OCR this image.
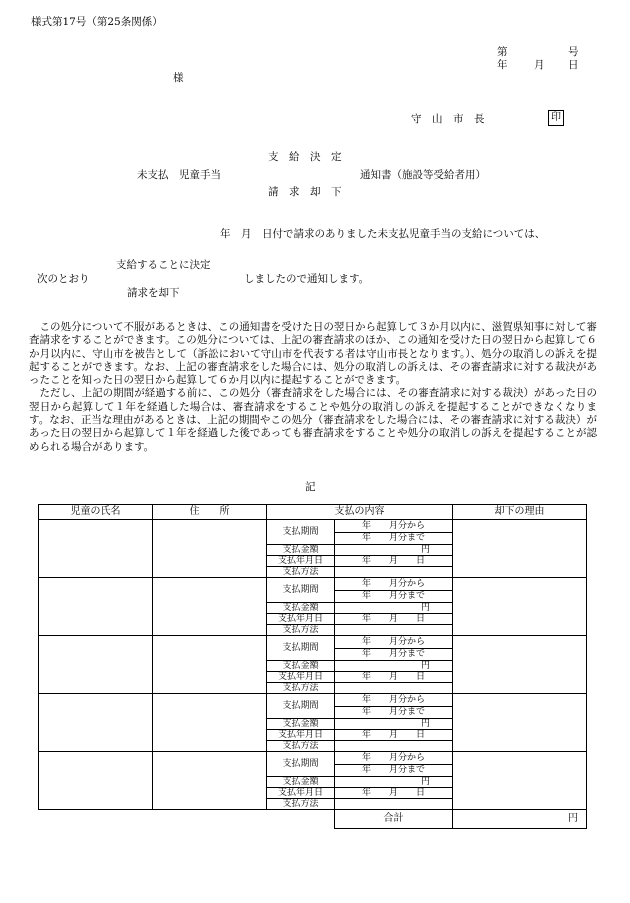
様式第17号（第25条関係）
第	号
年	月 日
様
守　山　市　長	印
支　給　決　定
未支払　児童手当	通知書（施設等受給者用）
請　求　却　下
年　月　日付で請求のありました未支払児童手当の支給については、
支給することに決定
次のとおり	しましたので通知します。
請求を却下

この処分について不服があるときは、この通知書を受けた日の翌日から起算して３か月以内に、滋賀県知事に対して審査請求をすることができます。この処分については、上記の審査請求のほか、この通知を受けた日の翌日から起算して６か月以内に、守山市を被告として（訴訟において守山市を代表する者は守山市長となります。）、処分の取消しの訴えを提起することができます。なお、上記の審査請求をした場合には、処分の取消しの訴えは、その審査請求に対する裁決があったことを知った日の翌日から起算して６か月以内に提起することができます。

ただし、上記の期間が経過する前に、この処分（審査請求をした場合には、その審査請求に対する裁決）があった日の翌日から起算して１年を経過した場合は、審査請求をすることや処分の取消しの訴えを提起することができなくなります。なお、正当な理由があるときは、上記の期間やこの処分（審査請求をした場合には、その審査請求に対する裁決）があった日の翌日から起算して１年を経過した後であっても審査請求をすることや処分の取消しの訴えを提起することが認められる場合があります。

記
児童の氏名	住　　所	支払の内容		却下の理由
		支払期間	年　　月分から	
			年　　月分まで	
		支払金額	円	
		支払年月日	年　　月　　日	
		支払方法		
		支払期間	年　　月分から	
			年　　月分まで	
		支払金額	円	
		支払年月日	年　　月　　日	
		支払方法		
		支払期間	年　　月分から	
			年　　月分まで	
		支払金額	円	
		支払年月日	年　　月　　日	
		支払方法		
		支払期間	年　　月分から	
			年　　月分まで	
		支払金額	円	
		支払年月日	年　　月　　日	
		支払方法		
		支払期間	年　　月分から	
			年　　月分まで	
		支払金額	円	
		支払年月日	年　　月　　日	
		支払方法		
			合計	円
